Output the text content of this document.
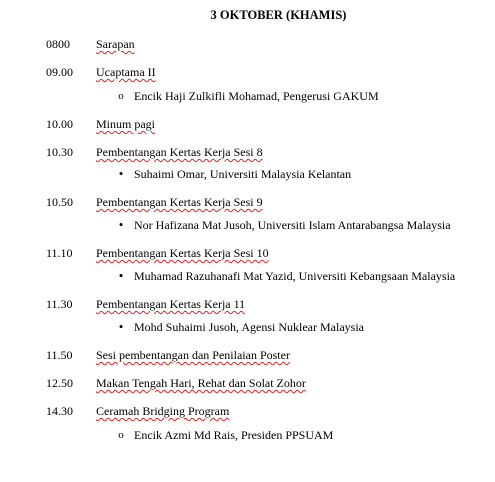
3 OKTOBER (KHAMIS)
0800 Sarapan
09.00 Ucaptama II
o Encik Haji Zulkifli Mohamad, Pengerusi GAKUM
10.00 Minum pagi
10.30 Pembentangan Kertas Kerja Sesi 8
• Suhaimi Omar, Universiti Malaysia Kelantan
10.50 Pembentangan Kertas Kerja Sesi 9
• Nor Hafizana Mat Jusoh, Universiti Islam Antarabangsa Malaysia
11.10 Pembentangan Kertas Kerja Sesi 10
• Muhamad Razuhanafi Mat Yazid, Universiti Kebangsaan Malaysia
11.30 Pembentangan Kertas Kerja 11
• Mohd Suhaimi Jusoh, Agensi Nuklear Malaysia
11.50 Sesi pembentangan dan Penilaian Poster
12.50 Makan Tengah Hari, Rehat dan Solat Zohor
14.30 Ceramah Bridging Program
o Encik Azmi Md Rais, Presiden PPSUAM
